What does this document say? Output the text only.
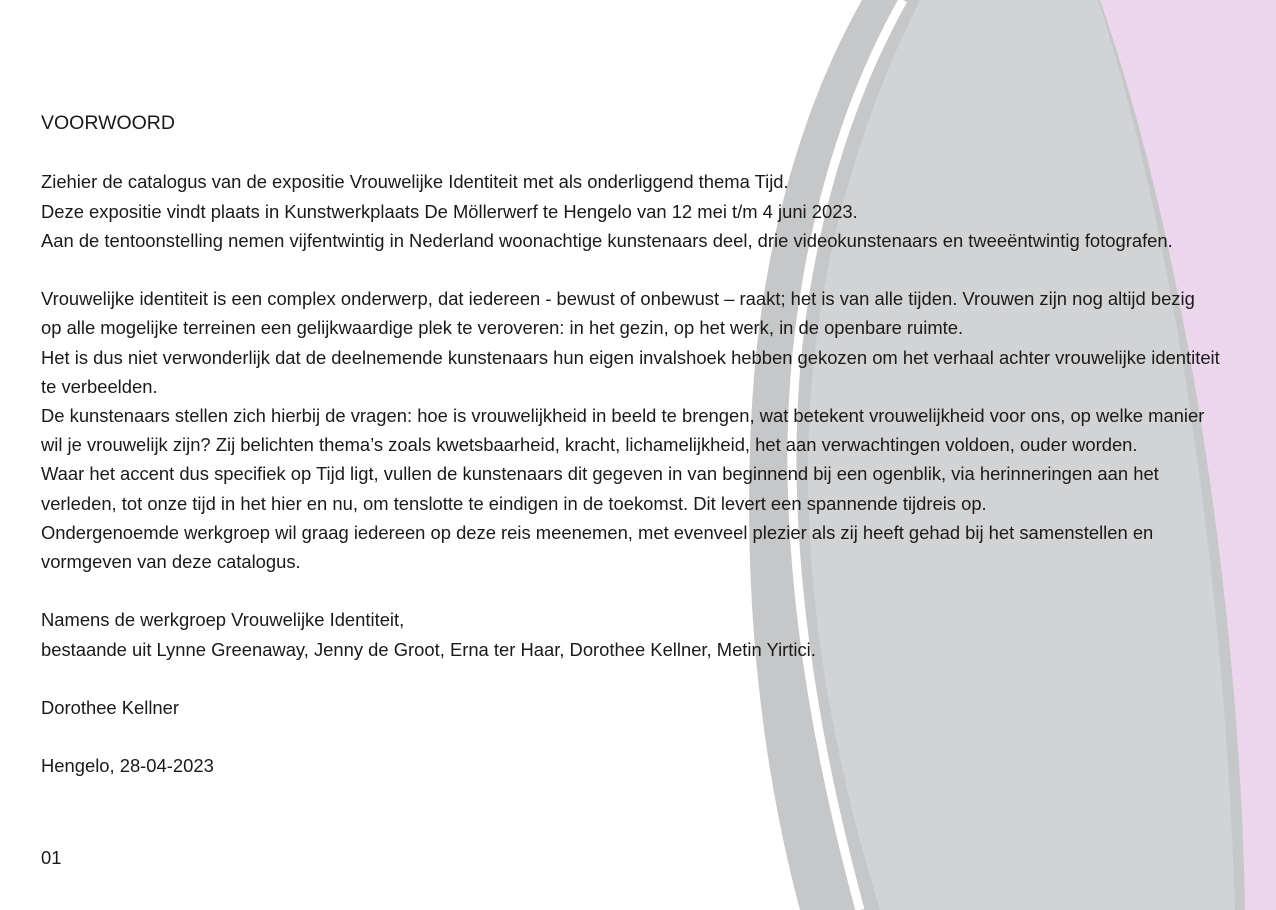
VOORWOORD
Ziehier de catalogus van de expositie Vrouwelijke Identiteit met als onderliggend thema Tijd.
Deze expositie vindt plaats in Kunstwerkplaats De Möllerwerf te Hengelo van 12 mei t/m 4 juni 2023.
Aan de tentoonstelling nemen vijfentwintig in Nederland woonachtige kunstenaars deel, drie videokunstenaars en tweeëntwintig fotografen.
Vrouwelijke identiteit is een complex onderwerp, dat iedereen - bewust of onbewust – raakt; het is van alle tijden. Vrouwen zijn nog altijd bezig
op alle mogelijke terreinen een gelijkwaardige plek te veroveren: in het gezin, op het werk, in de openbare ruimte.
Het is dus niet verwonderlijk dat de deelnemende kunstenaars hun eigen invalshoek hebben gekozen om het verhaal achter vrouwelijke identiteit
te verbeelden.
De kunstenaars stellen zich hierbij de vragen: hoe is vrouwelijkheid in beeld te brengen, wat betekent vrouwelijkheid voor ons, op welke manier
wil je vrouwelijk zijn? Zij belichten thema’s zoals kwetsbaarheid, kracht, lichamelijkheid, het aan verwachtingen voldoen, ouder worden.
Waar het accent dus specifiek op Tijd ligt, vullen de kunstenaars dit gegeven in van beginnend bij een ogenblik, via herinneringen aan het
verleden, tot onze tijd in het hier en nu, om tenslotte te eindigen in de toekomst. Dit levert een spannende tijdreis op.
Ondergenoemde werkgroep wil graag iedereen op deze reis meenemen, met evenveel plezier als zij heeft gehad bij het samenstellen en
vormgeven van deze catalogus.
Namens de werkgroep Vrouwelijke Identiteit,
bestaande uit Lynne Greenaway, Jenny de Groot, Erna ter Haar, Dorothee Kellner, Metin Yirtici.
Dorothee Kellner
Hengelo, 28-04-2023
01
